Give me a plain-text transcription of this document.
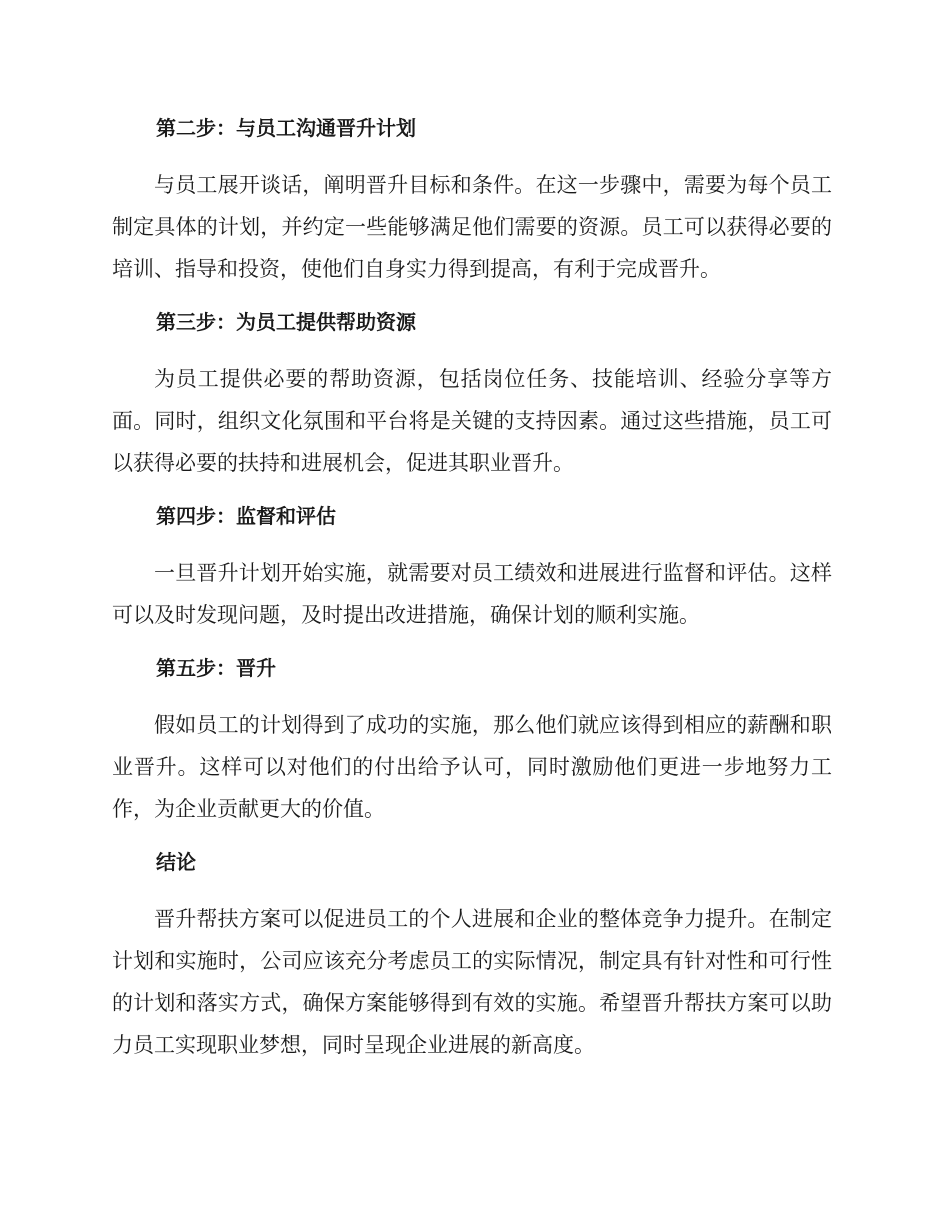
第二步：与员工沟通晋升计划

与员工展开谈话，阐明晋升目标和条件。在这一步骤中，需要为每个员工制定具体的计划，并约定一些能够满足他们需要的资源。员工可以获得必要的培训、指导和投资，使他们自身实力得到提高，有利于完成晋升。

第三步：为员工提供帮助资源

为员工提供必要的帮助资源，包括岗位任务、技能培训、经验分享等方面。同时，组织文化氛围和平台将是关键的支持因素。通过这些措施，员工可以获得必要的扶持和进展机会，促进其职业晋升。

第四步：监督和评估

一旦晋升计划开始实施，就需要对员工绩效和进展进行监督和评估。这样可以及时发现问题，及时提出改进措施，确保计划的顺利实施。

第五步：晋升

假如员工的计划得到了成功的实施，那么他们就应该得到相应的薪酬和职业晋升。这样可以对他们的付出给予认可，同时激励他们更进一步地努力工作，为企业贡献更大的价值。

结论

晋升帮扶方案可以促进员工的个人进展和企业的整体竞争力提升。在制定计划和实施时，公司应该充分考虑员工的实际情况，制定具有针对性和可行性的计划和落实方式，确保方案能够得到有效的实施。希望晋升帮扶方案可以助力员工实现职业梦想，同时呈现企业进展的新高度。
